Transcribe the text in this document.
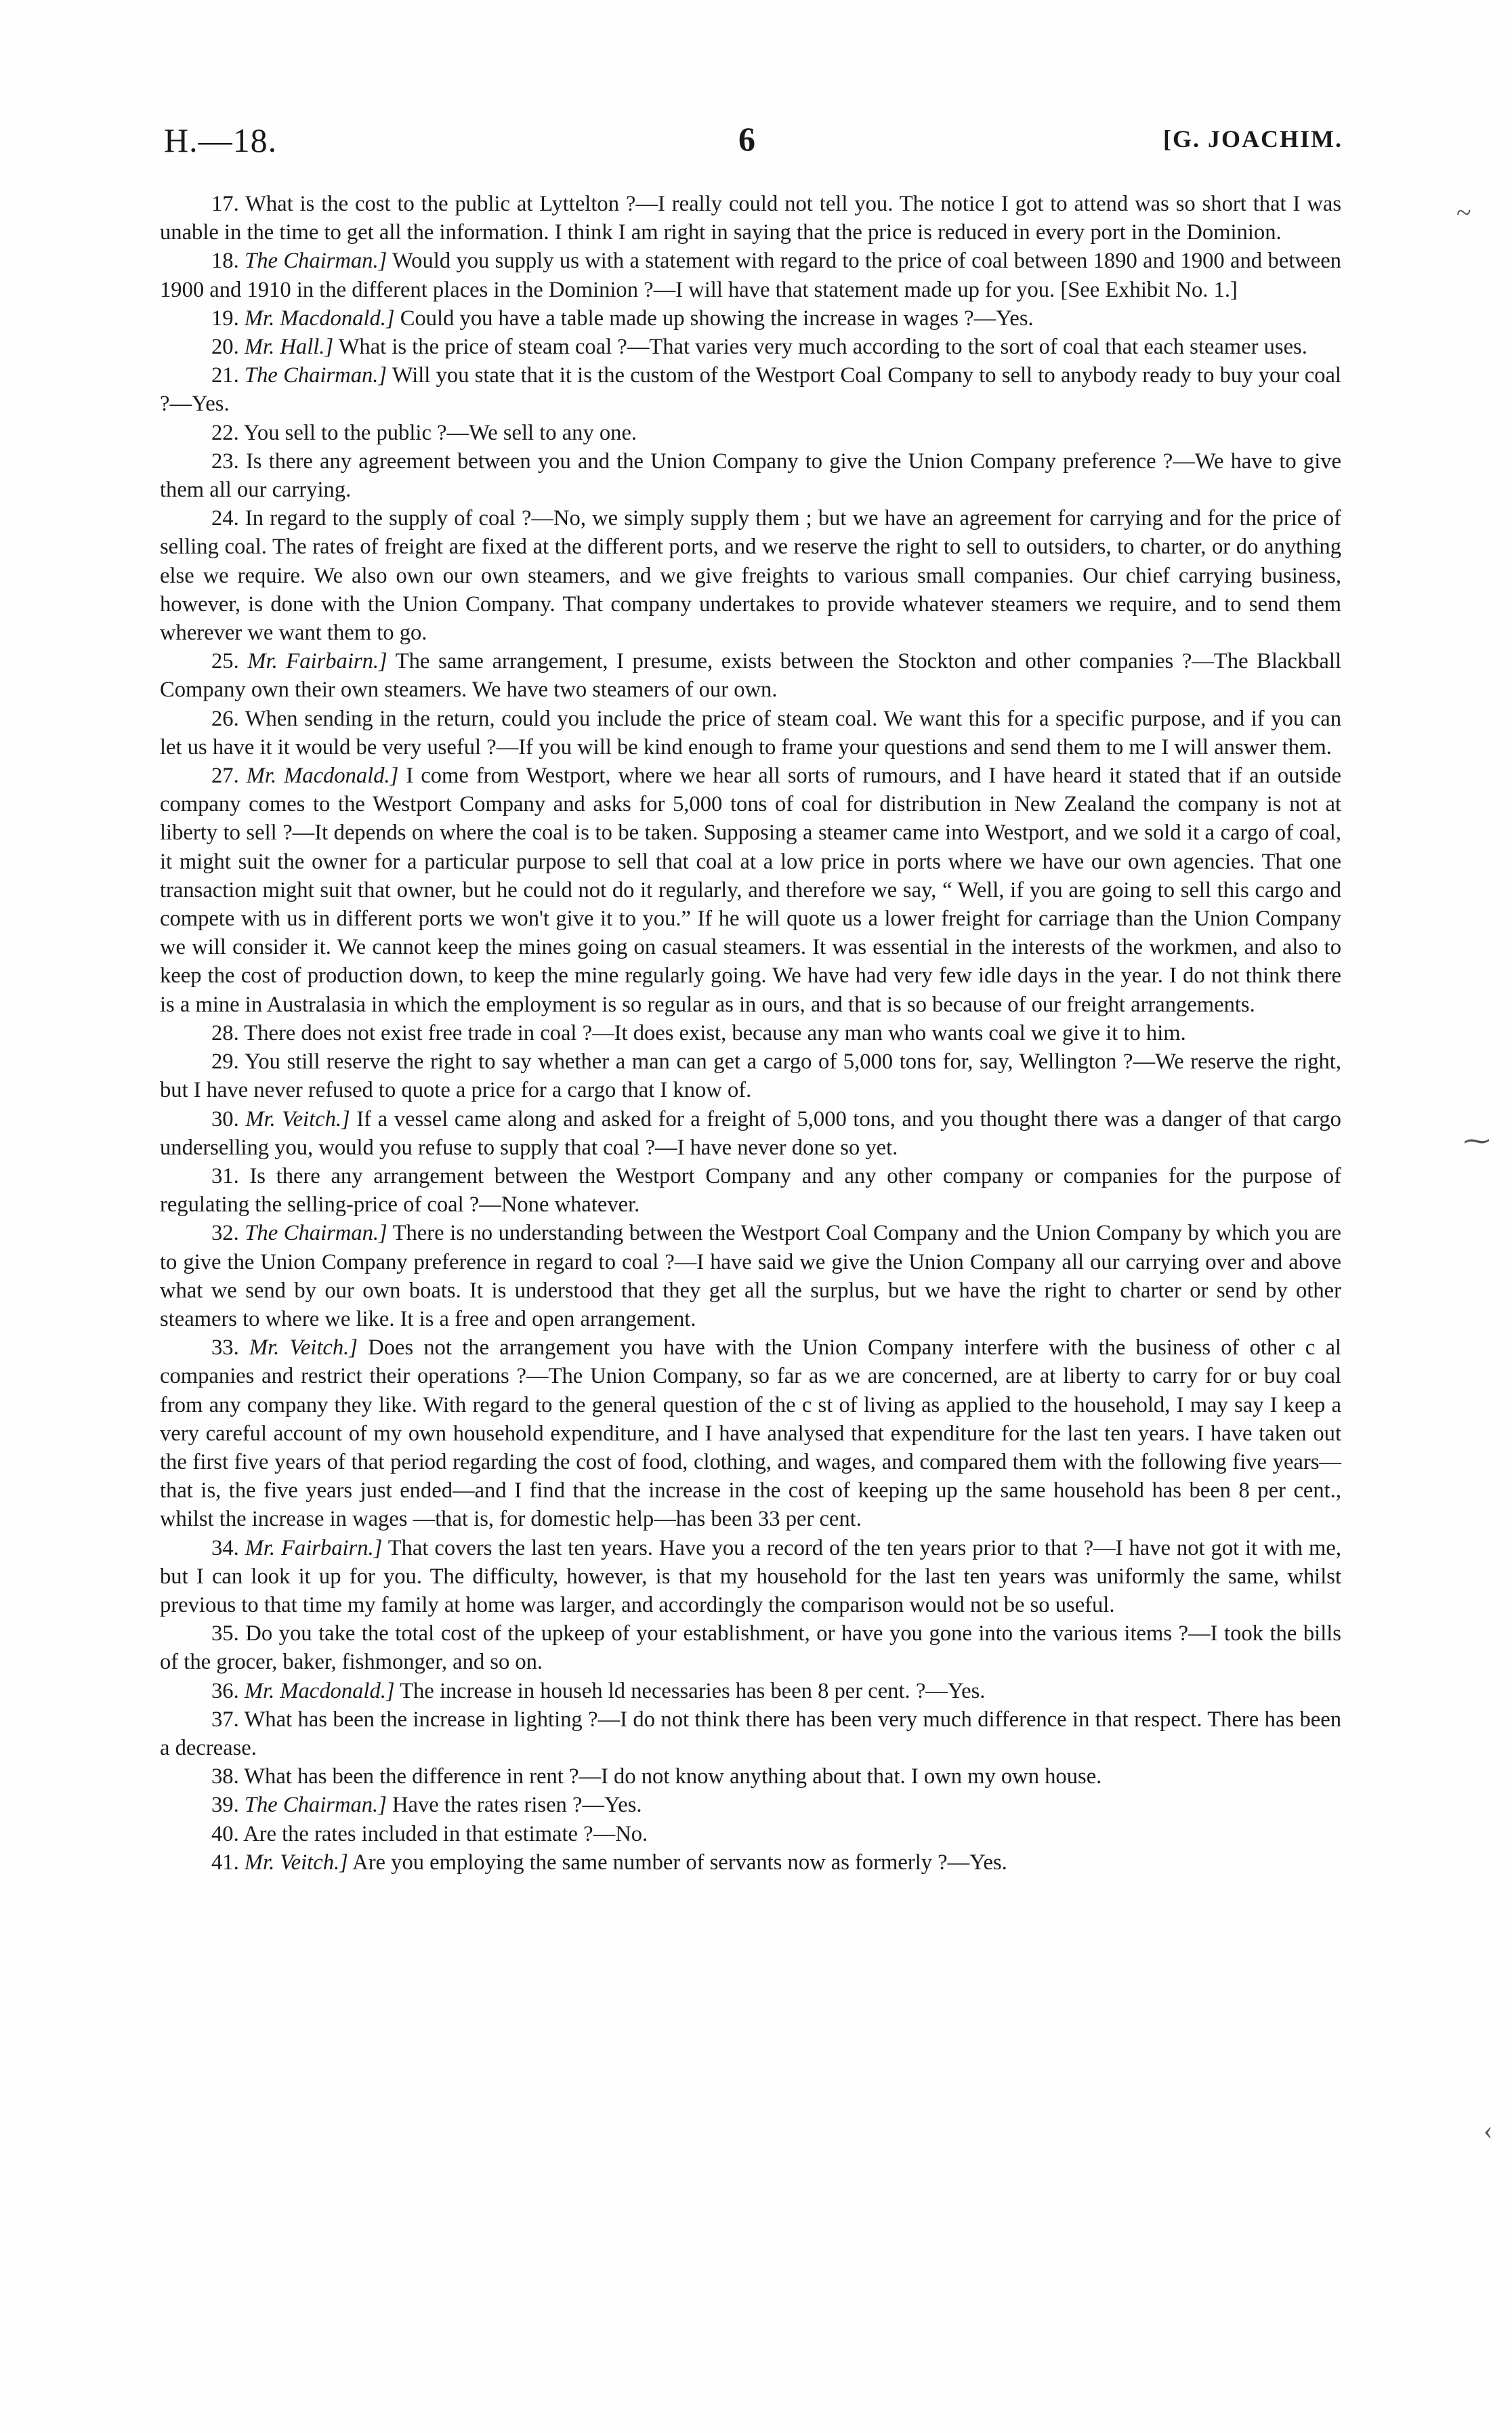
H.—18.	6	[G. JOACHIM.

17. What is the cost to the public at Lyttelton ?—I really could not tell you. The notice I got to attend was so short that I was unable in the time to get all the information. I think I am right in saying that the price is reduced in every port in the Dominion.

18. The Chairman.] Would you supply us with a statement with regard to the price of coal between 1890 and 1900 and between 1900 and 1910 in the different places in the Dominion ?—I will have that statement made up for you. [See Exhibit No. 1.]

19. Mr. Macdonald.] Could you have a table made up showing the increase in wages ?—Yes.

20. Mr. Hall.] What is the price of steam coal ?—That varies very much according to the sort of coal that each steamer uses.

21. The Chairman.] Will you state that it is the custom of the Westport Coal Company to sell to anybody ready to buy your coal ?—Yes.

22. You sell to the public ?—We sell to any one.

23. Is there any agreement between you and the Union Company to give the Union Company preference ?—We have to give them all our carrying.

24. In regard to the supply of coal ?—No, we simply supply them ; but we have an agreement for carrying and for the price of selling coal. The rates of freight are fixed at the different ports, and we reserve the right to sell to outsiders, to charter, or do anything else we require. We also own our own steamers, and we give freights to various small companies. Our chief carrying business, however, is done with the Union Company. That company undertakes to provide whatever steamers we require, and to send them wherever we want them to go.

25. Mr. Fairbairn.] The same arrangement, I presume, exists between the Stockton and other companies ?—The Blackball Company own their own steamers. We have two steamers of our own.

26. When sending in the return, could you include the price of steam coal. We want this for a specific purpose, and if you can let us have it it would be very useful ?—If you will be kind enough to frame your questions and send them to me I will answer them.

27. Mr. Macdonald.] I come from Westport, where we hear all sorts of rumours, and I have heard it stated that if an outside company comes to the Westport Company and asks for 5,000 tons of coal for distribution in New Zealand the company is not at liberty to sell ?—It depends on where the coal is to be taken. Supposing a steamer came into Westport, and we sold it a cargo of coal, it might suit the owner for a particular purpose to sell that coal at a low price in ports where we have our own agencies. That one transaction might suit that owner, but he could not do it regularly, and therefore we say, “ Well, if you are going to sell this cargo and compete with us in different ports we won't give it to you.” If he will quote us a lower freight for carriage than the Union Company we will consider it. We cannot keep the mines going on casual steamers. It was essential in the interests of the workmen, and also to keep the cost of production down, to keep the mine regularly going. We have had very few idle days in the year. I do not think there is a mine in Australasia in which the employment is so regular as in ours, and that is so because of our freight arrangements.

28. There does not exist free trade in coal ?—It does exist, because any man who wants coal we give it to him.

29. You still reserve the right to say whether a man can get a cargo of 5,000 tons for, say, Wellington ?—We reserve the right, but I have never refused to quote a price for a cargo that I know of.

30. Mr. Veitch.] If a vessel came along and asked for a freight of 5,000 tons, and you thought there was a danger of that cargo underselling you, would you refuse to supply that coal ?—I have never done so yet.

31. Is there any arrangement between the Westport Company and any other company or companies for the purpose of regulating the selling-price of coal ?—None whatever.

32. The Chairman.] There is no understanding between the Westport Coal Company and the Union Company by which you are to give the Union Company preference in regard to coal ?—I have said we give the Union Company all our carrying over and above what we send by our own boats. It is understood that they get all the surplus, but we have the right to charter or send by other steamers to where we like. It is a free and open arrangement.

33. Mr. Veitch.] Does not the arrangement you have with the Union Company interfere with the business of other c al companies and restrict their operations ?—The Union Company, so far as we are concerned, are at liberty to carry for or buy coal from any company they like. With regard to the general question of the c st of living as applied to the household, I may say I keep a very careful account of my own household expenditure, and I have analysed that expenditure for the last ten years. I have taken out the first five years of that period regarding the cost of food, clothing, and wages, and compared them with the following five years—that is, the five years just ended—and I find that the increase in the cost of keeping up the same household has been 8 per cent., whilst the increase in wages —that is, for domestic help—has been 33 per cent.

34. Mr. Fairbairn.] That covers the last ten years. Have you a record of the ten years prior to that ?—I have not got it with me, but I can look it up for you. The difficulty, however, is that my household for the last ten years was uniformly the same, whilst previous to that time my family at home was larger, and accordingly the comparison would not be so useful.

35. Do you take the total cost of the upkeep of your establishment, or have you gone into the various items ?—I took the bills of the grocer, baker, fishmonger, and so on.

36. Mr. Macdonald.] The increase in househ ld necessaries has been 8 per cent. ?—Yes.

37. What has been the increase in lighting ?—I do not think there has been very much difference in that respect. There has been a decrease.

38. What has been the difference in rent ?—I do not know anything about that. I own my own house.

39. The Chairman.] Have the rates risen ?—Yes.

40. Are the rates included in that estimate ?—No.

41. Mr. Veitch.] Are you employing the same number of servants now as formerly ?—Yes.

~
⁓
‹
